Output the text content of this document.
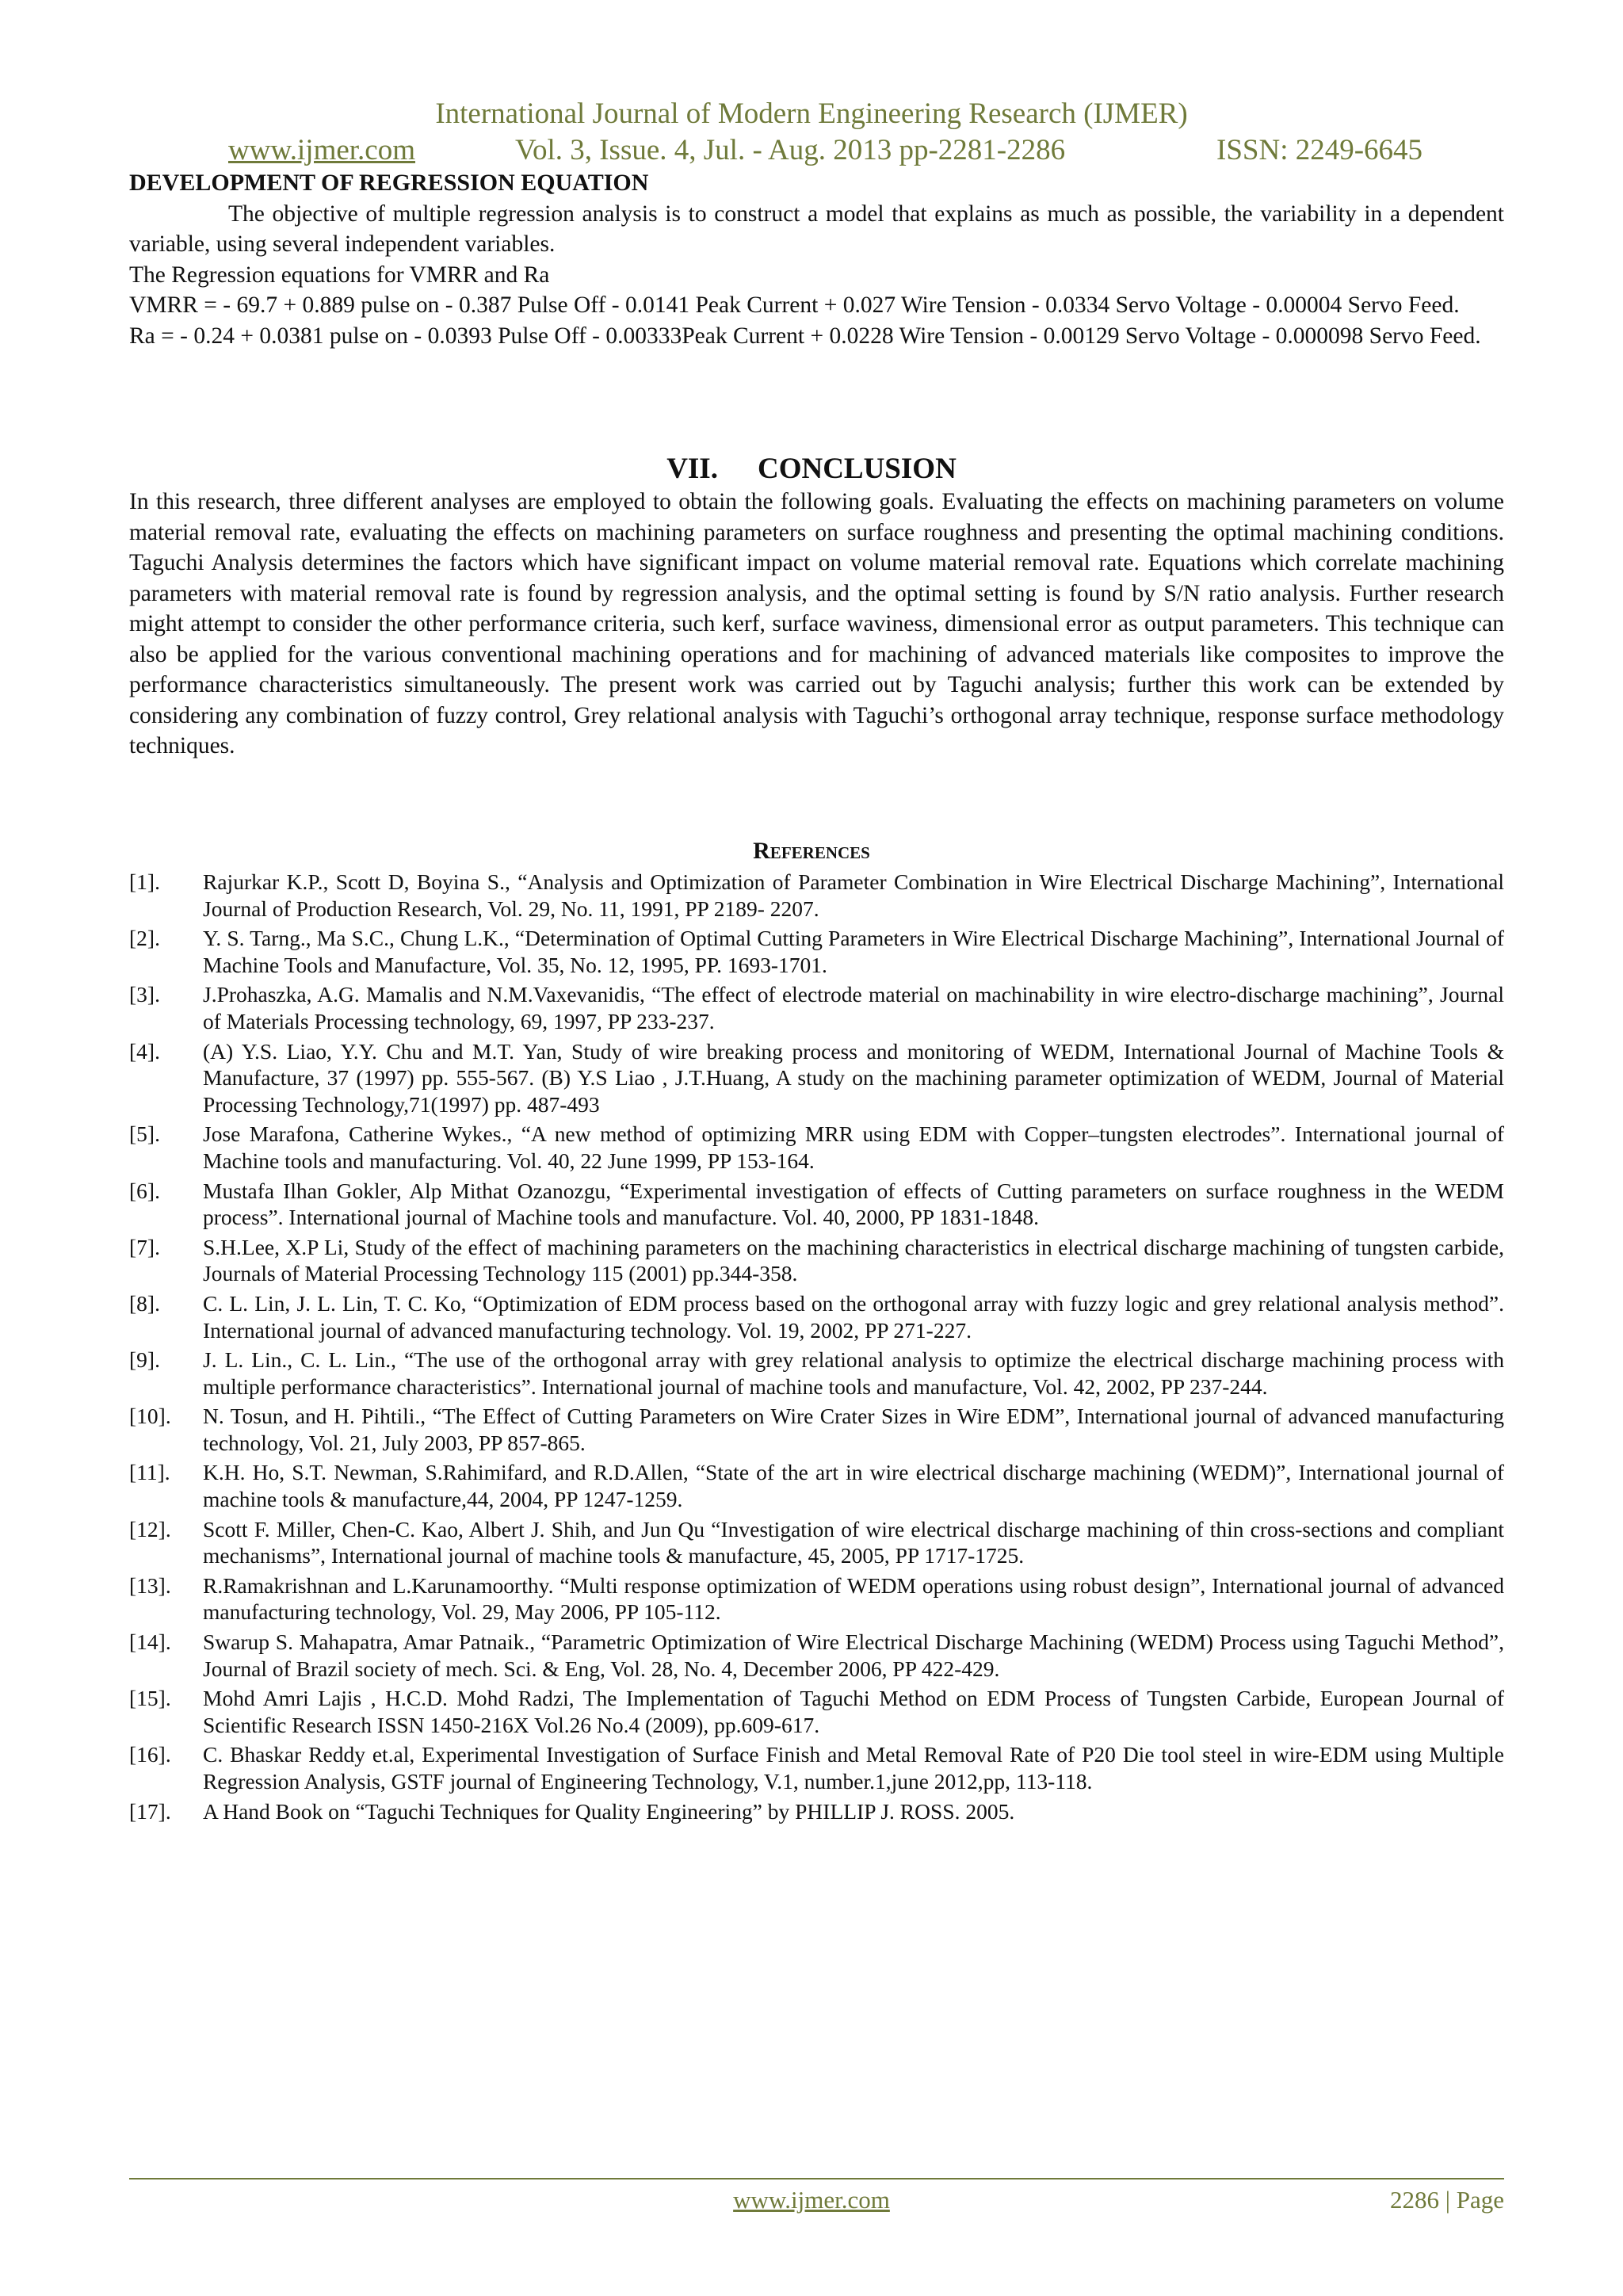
International Journal of Modern Engineering Research (IJMER)
www.ijmer.com	Vol. 3, Issue. 4, Jul. - Aug. 2013 pp-2281-2286	ISSN: 2249-6645
DEVELOPMENT OF REGRESSION EQUATION

The objective of multiple regression analysis is to construct a model that explains as much as possible, the variability in a dependent variable, using several independent variables.

The Regression equations for VMRR and Ra

VMRR = - 69.7 + 0.889 pulse on - 0.387 Pulse Off - 0.0141 Peak Current + 0.027 Wire Tension - 0.0334 Servo Voltage - 0.00004 Servo Feed.

Ra = - 0.24 + 0.0381 pulse on - 0.0393 Pulse Off - 0.00333Peak Current + 0.0228 Wire Tension - 0.00129 Servo Voltage - 0.000098 Servo Feed.

VII. CONCLUSION

In this research, three different analyses are employed to obtain the following goals. Evaluating the effects on machining parameters on volume material removal rate, evaluating the effects on machining parameters on surface roughness and presenting the optimal machining conditions. Taguchi Analysis determines the factors which have significant impact on volume material removal rate. Equations which correlate machining parameters with material removal rate is found by regression analysis, and the optimal setting is found by S/N ratio analysis. Further research might attempt to consider the other performance criteria, such kerf, surface waviness, dimensional error as output parameters. This technique can also be applied for the various conventional machining operations and for machining of advanced materials like composites to improve the performance characteristics simultaneously. The present work was carried out by Taguchi analysis; further this work can be extended by considering any combination of fuzzy control, Grey relational analysis with Taguchi’s orthogonal array technique, response surface methodology techniques.

References
[1].	Rajurkar K.P., Scott D, Boyina S., “Analysis and Optimization of Parameter Combination in Wire Electrical Discharge Machining”, International Journal of Production Research, Vol. 29, No. 11, 1991, PP 2189- 2207.
[2].	Y. S. Tarng., Ma S.C., Chung L.K., “Determination of Optimal Cutting Parameters in Wire Electrical Discharge Machining”, International Journal of Machine Tools and Manufacture, Vol. 35, No. 12, 1995, PP. 1693-1701.
[3].	J.Prohaszka, A.G. Mamalis and N.M.Vaxevanidis, “The effect of electrode material on machinability in wire electro-discharge machining”, Journal of Materials Processing technology, 69, 1997, PP 233-237.
[4].	(A) Y.S. Liao, Y.Y. Chu and M.T. Yan, Study of wire breaking process and monitoring of WEDM, International Journal of Machine Tools & Manufacture, 37 (1997) pp. 555-567. (B) Y.S Liao , J.T.Huang, A study on the machining parameter optimization of WEDM, Journal of Material Processing Technology,71(1997) pp. 487-493
[5].	Jose Marafona, Catherine Wykes., “A new method of optimizing MRR using EDM with Copper–tungsten electrodes”. International journal of Machine tools and manufacturing. Vol. 40, 22 June 1999, PP 153-164.
[6].	Mustafa Ilhan Gokler, Alp Mithat Ozanozgu, “Experimental investigation of effects of Cutting parameters on surface roughness in the WEDM process”. International journal of Machine tools and manufacture. Vol. 40, 2000, PP 1831-1848.
[7].	S.H.Lee, X.P Li, Study of the effect of machining parameters on the machining characteristics in electrical discharge machining of tungsten carbide, Journals of Material Processing Technology 115 (2001) pp.344-358.
[8].	C. L. Lin, J. L. Lin, T. C. Ko, “Optimization of EDM process based on the orthogonal array with fuzzy logic and grey relational analysis method”. International journal of advanced manufacturing technology. Vol. 19, 2002, PP 271-227.
[9].	J. L. Lin., C. L. Lin., “The use of the orthogonal array with grey relational analysis to optimize the electrical discharge machining process with multiple performance characteristics”. International journal of machine tools and manufacture, Vol. 42, 2002, PP 237-244.
[10].	N. Tosun, and H. Pihtili., “The Effect of Cutting Parameters on Wire Crater Sizes in Wire EDM”, International journal of advanced manufacturing technology, Vol. 21, July 2003, PP 857-865.
[11].	K.H. Ho, S.T. Newman, S.Rahimifard, and R.D.Allen, “State of the art in wire electrical discharge machining (WEDM)”, International journal of machine tools & manufacture,44, 2004, PP 1247-1259.
[12].	Scott F. Miller, Chen-C. Kao, Albert J. Shih, and Jun Qu “Investigation of wire electrical discharge machining of thin cross-sections and compliant mechanisms”, International journal of machine tools & manufacture, 45, 2005, PP 1717-1725.
[13].	R.Ramakrishnan and L.Karunamoorthy. “Multi response optimization of WEDM operations using robust design”, International journal of advanced manufacturing technology, Vol. 29, May 2006, PP 105-112.
[14].	Swarup S. Mahapatra, Amar Patnaik., “Parametric Optimization of Wire Electrical Discharge Machining (WEDM) Process using Taguchi Method”, Journal of Brazil society of mech. Sci. & Eng, Vol. 28, No. 4, December 2006, PP 422-429.
[15].	Mohd Amri Lajis , H.C.D. Mohd Radzi, The Implementation of Taguchi Method on EDM Process of Tungsten Carbide, European Journal of Scientific Research ISSN 1450-216X Vol.26 No.4 (2009), pp.609-617.
[16].	C. Bhaskar Reddy et.al, Experimental Investigation of Surface Finish and Metal Removal Rate of P20 Die tool steel in wire-EDM using Multiple Regression Analysis, GSTF journal of Engineering Technology, V.1, number.1,june 2012,pp, 113-118.
[17].	A Hand Book on “Taguchi Techniques for Quality Engineering” by PHILLIP J. ROSS. 2005.
www.ijmer.com	2286 | Page
